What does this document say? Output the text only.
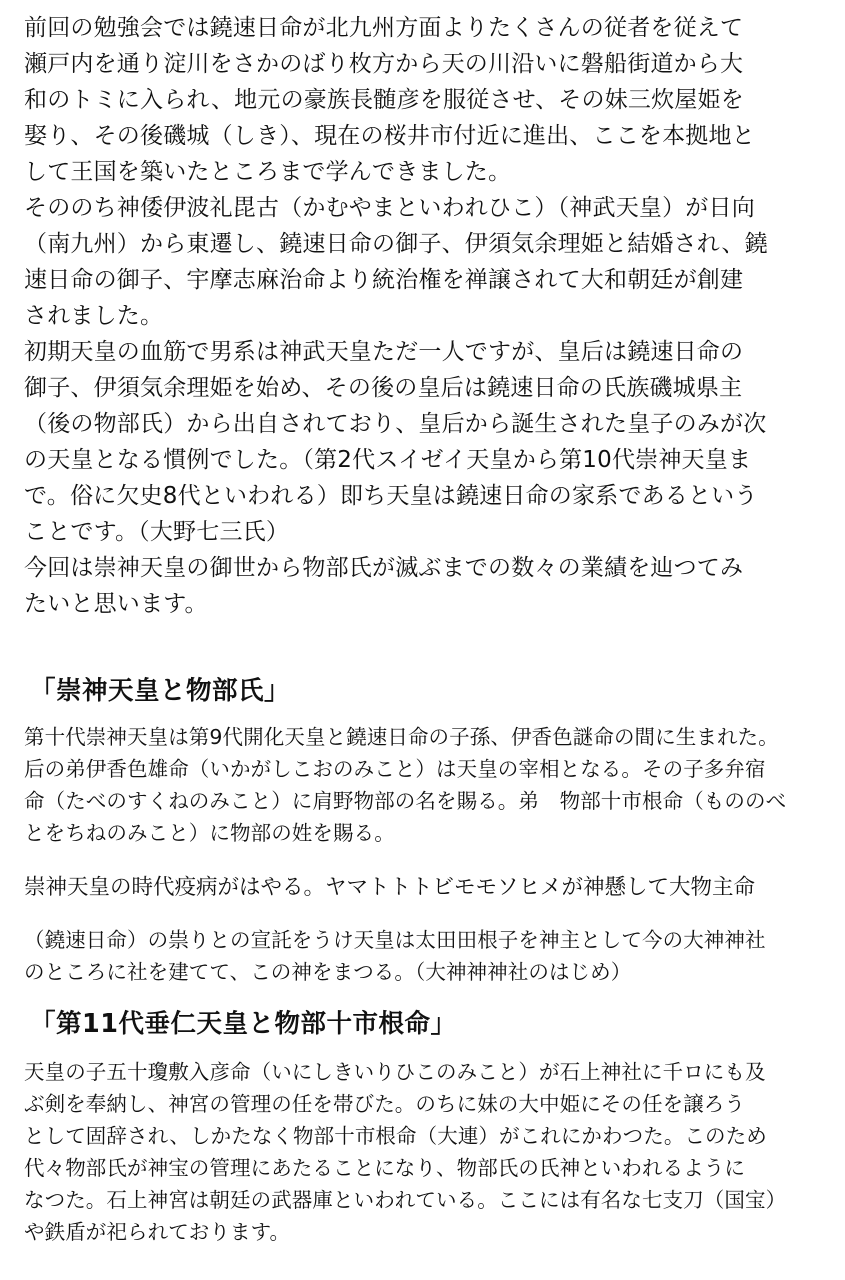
前回の勉強会では鐃速日命が北九州方面よりたくさんの従者を従えて
瀬戸内を通り淀川をさかのばり枚方から天の川沿いに磐船街道から大
和のトミに入られ、地元の豪族長髄彦を服従させ、その妹三炊屋姫を
娶り、その後磯城（しき）、現在の桜井市付近に進出、ここを本拠地と
して王国を築いたところまで学んできました。
そののち神倭伊波礼毘古（かむやまといわれひこ）（神武天皇）が日向
（南九州）から東遷し、鐃速日命の御子、伊須気余理姫と結婚され、鐃
速日命の御子、宇摩志麻治命より統治権を禅譲されて大和朝廷が創建
されました。
初期天皇の血筋で男系は神武天皇ただ一人ですが、皇后は鐃速日命の
御子、伊須気余理姫を始め、その後の皇后は鐃速日命の氏族磯城県主
（後の物部氏）から出自されており、皇后から誕生された皇子のみが次
の天皇となる慣例でした。（第2代スイゼイ天皇から第10代崇神天皇ま
で。俗に欠史8代といわれる）即ち天皇は鐃速日命の家系であるという
ことです。（大野七三氏）
今回は崇神天皇の御世から物部氏が滅ぶまでの数々の業績を辿つてみ
たいと思います。
「崇神天皇と物部氏」
第十代崇神天皇は第9代開化天皇と鐃速日命の子孫、伊香色謎命の間に生まれた。
后の弟伊香色雄命（いかがしこおのみこと）は天皇の宰相となる。その子多弁宿
命（たべのすくねのみこと）に肩野物部の名を賜る。弟　物部十市根命（もののべ
とをちねのみこと）に物部の姓を賜る。
崇神天皇の時代疫病がはやる。ヤマトトトビモモソヒメが神懸して大物主命
（鐃速日命）の祟りとの宣託をうけ天皇は太田田根子を神主として今の大神神社
のところに社を建てて、この神をまつる。（大神神神社のはじめ）
「第11代垂仁天皇と物部十市根命」
天皇の子五十瓊敷入彦命（いにしきいりひこのみこと）が石上神社に千ロにも及
ぶ剣を奉納し、神宮の管理の任を帯びた。のちに妹の大中姫にその任を譲ろう
として固辞され、しかたなく物部十市根命（大連）がこれにかわつた。このため
代々物部氏が神宝の管理にあたることになり、物部氏の氏神といわれるように
なつた。石上神宮は朝廷の武器庫といわれている。ここには有名な七支刀（国宝）
や鉄盾が祀られております。
